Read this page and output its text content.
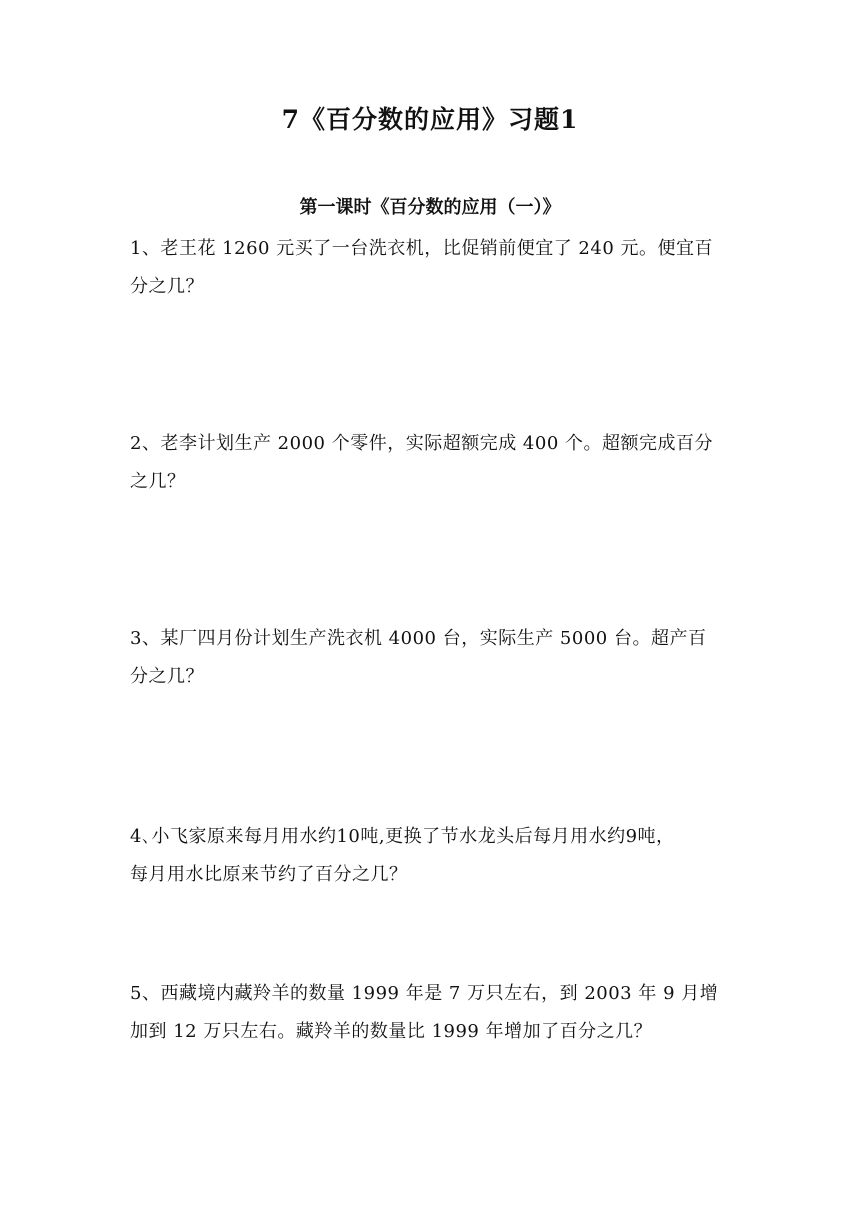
7《百分数的应用》习题1
第一课时《百分数的应用（一）》
1、老王花 1260 元买了一台洗衣机，比促销前便宜了 240 元。便宜百
分之几？
2、老李计划生产 2000 个零件，实际超额完成 400 个。超额完成百分
之几？
3、某厂四月份计划生产洗衣机 4000 台，实际生产 5000 台。超产百
分之几？
4､小飞家原来每月用水约10吨,更换了节水龙头后每月用水约9吨，
每月用水比原来节约了百分之几？
5、西藏境内藏羚羊的数量 1999 年是 7 万只左右，到 2003 年 9 月增
加到 12 万只左右。藏羚羊的数量比 1999 年增加了百分之几？
